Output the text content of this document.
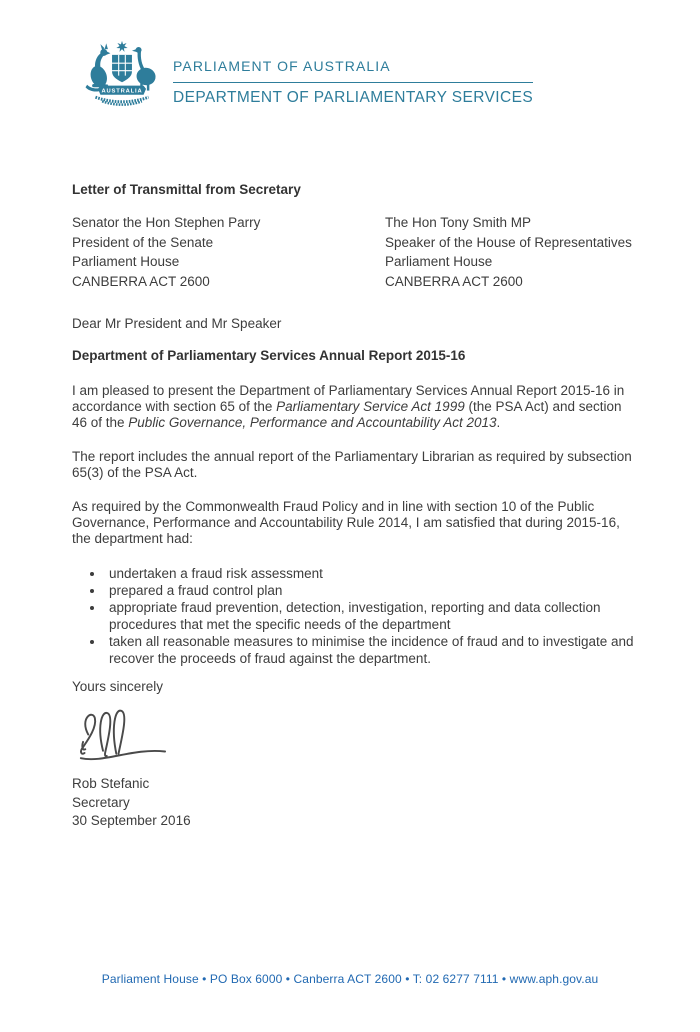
AUSTRALIA
PARLIAMENT OF AUSTRALIA
DEPARTMENT OF PARLIAMENTARY SERVICES
Letter of Transmittal from Secretary
Senator the Hon Stephen Parry
President of the Senate
Parliament House
CANBERRA ACT 2600
The Hon Tony Smith MP
Speaker of the House of Representatives
Parliament House
CANBERRA ACT 2600

Dear Mr President and Mr Speaker

Department of Parliamentary Services Annual Report 2015-16

I am pleased to present the Department of Parliamentary Services Annual Report 2015-16 in accordance with section 65 of the Parliamentary Service Act 1999 (the PSA Act) and section 46 of the Public Governance, Performance and Accountability Act 2013.

The report includes the annual report of the Parliamentary Librarian as required by subsection 65(3) of the PSA Act.

As required by the Commonwealth Fraud Policy and in line with section 10 of the Public Governance, Performance and Accountability Rule 2014, I am satisfied that during 2015-16, the department had:

• undertaken a fraud risk assessment
• prepared a fraud control plan
• appropriate fraud prevention, detection, investigation, reporting and data collection procedures that met the specific needs of the department
• taken all reasonable measures to minimise the incidence of fraud and to investigate and recover the proceeds of fraud against the department.

Yours sincerely

Rob Stefanic
Secretary
30 September 2016
Parliament House • PO Box 6000 • Canberra ACT 2600 • T: 02 6277 7111 • www.aph.gov.au
